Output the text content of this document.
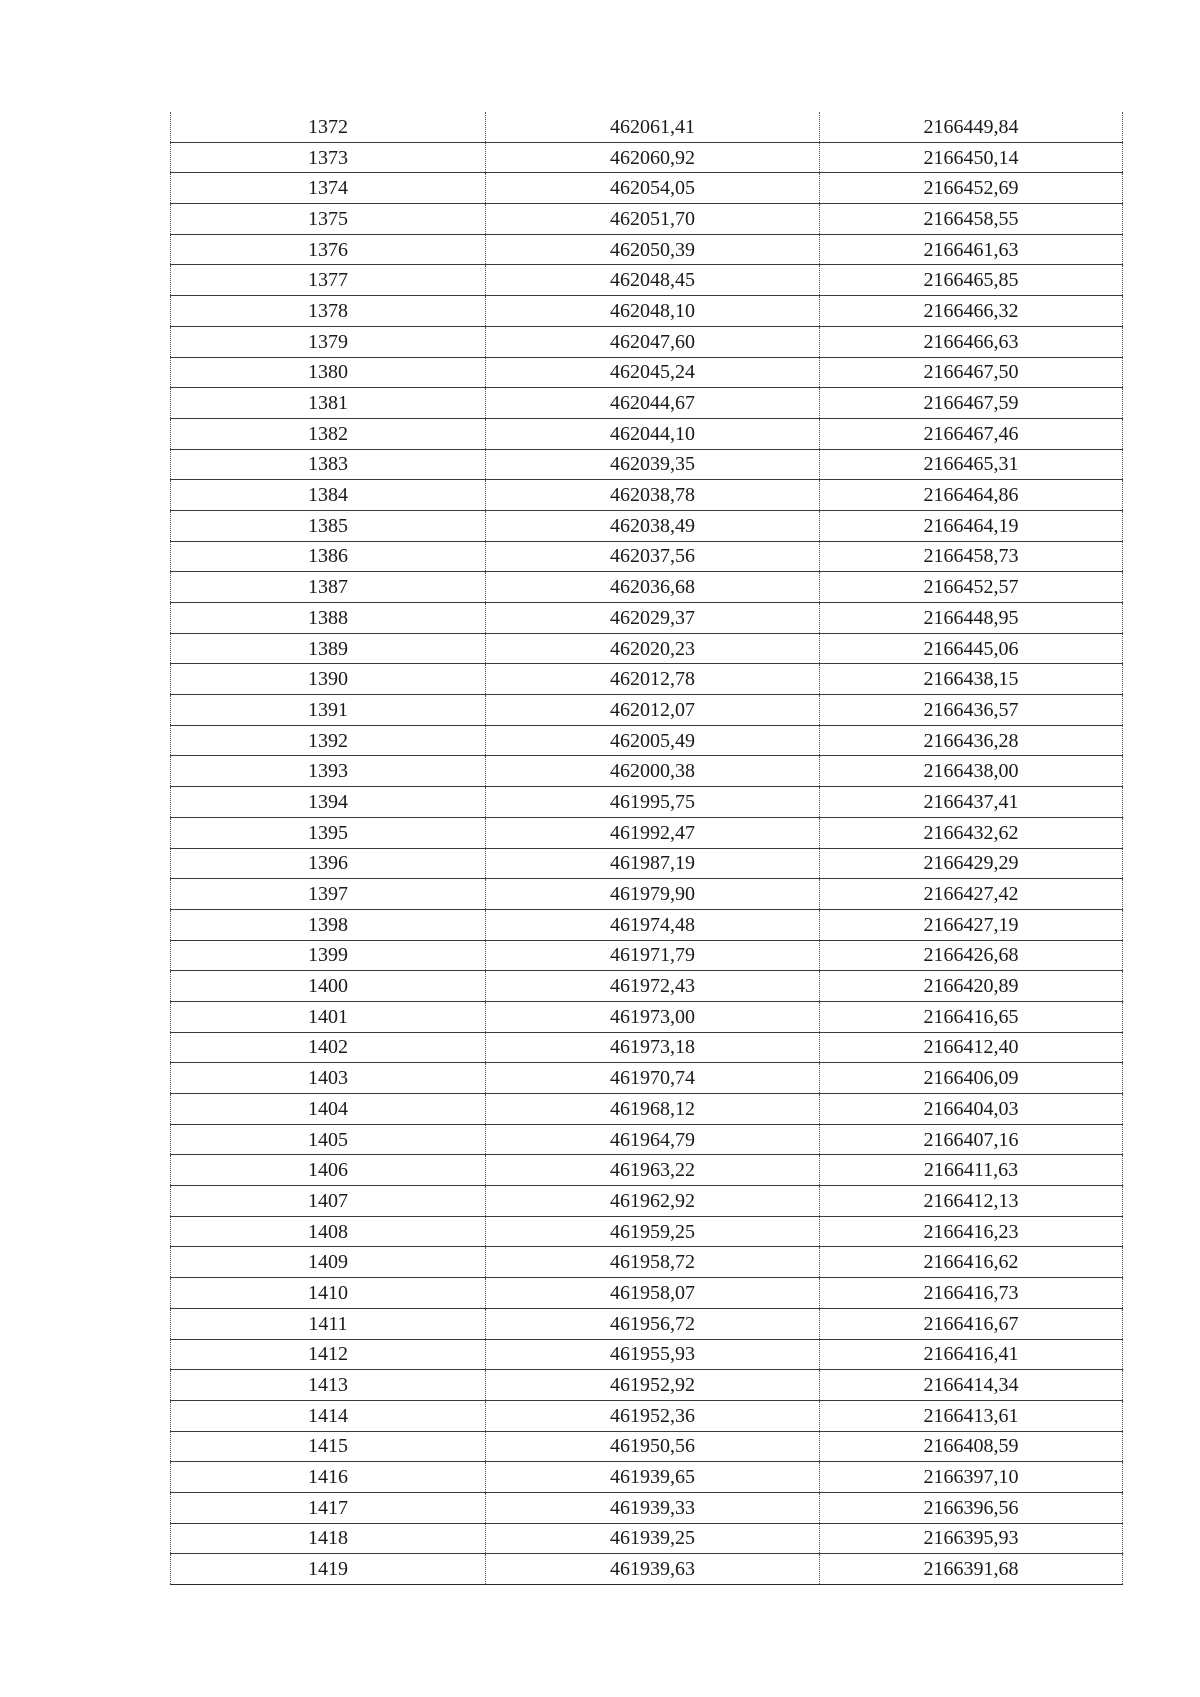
1372	462061,41	2166449,84
1373	462060,92	2166450,14
1374	462054,05	2166452,69
1375	462051,70	2166458,55
1376	462050,39	2166461,63
1377	462048,45	2166465,85
1378	462048,10	2166466,32
1379	462047,60	2166466,63
1380	462045,24	2166467,50
1381	462044,67	2166467,59
1382	462044,10	2166467,46
1383	462039,35	2166465,31
1384	462038,78	2166464,86
1385	462038,49	2166464,19
1386	462037,56	2166458,73
1387	462036,68	2166452,57
1388	462029,37	2166448,95
1389	462020,23	2166445,06
1390	462012,78	2166438,15
1391	462012,07	2166436,57
1392	462005,49	2166436,28
1393	462000,38	2166438,00
1394	461995,75	2166437,41
1395	461992,47	2166432,62
1396	461987,19	2166429,29
1397	461979,90	2166427,42
1398	461974,48	2166427,19
1399	461971,79	2166426,68
1400	461972,43	2166420,89
1401	461973,00	2166416,65
1402	461973,18	2166412,40
1403	461970,74	2166406,09
1404	461968,12	2166404,03
1405	461964,79	2166407,16
1406	461963,22	2166411,63
1407	461962,92	2166412,13
1408	461959,25	2166416,23
1409	461958,72	2166416,62
1410	461958,07	2166416,73
1411	461956,72	2166416,67
1412	461955,93	2166416,41
1413	461952,92	2166414,34
1414	461952,36	2166413,61
1415	461950,56	2166408,59
1416	461939,65	2166397,10
1417	461939,33	2166396,56
1418	461939,25	2166395,93
1419	461939,63	2166391,68
